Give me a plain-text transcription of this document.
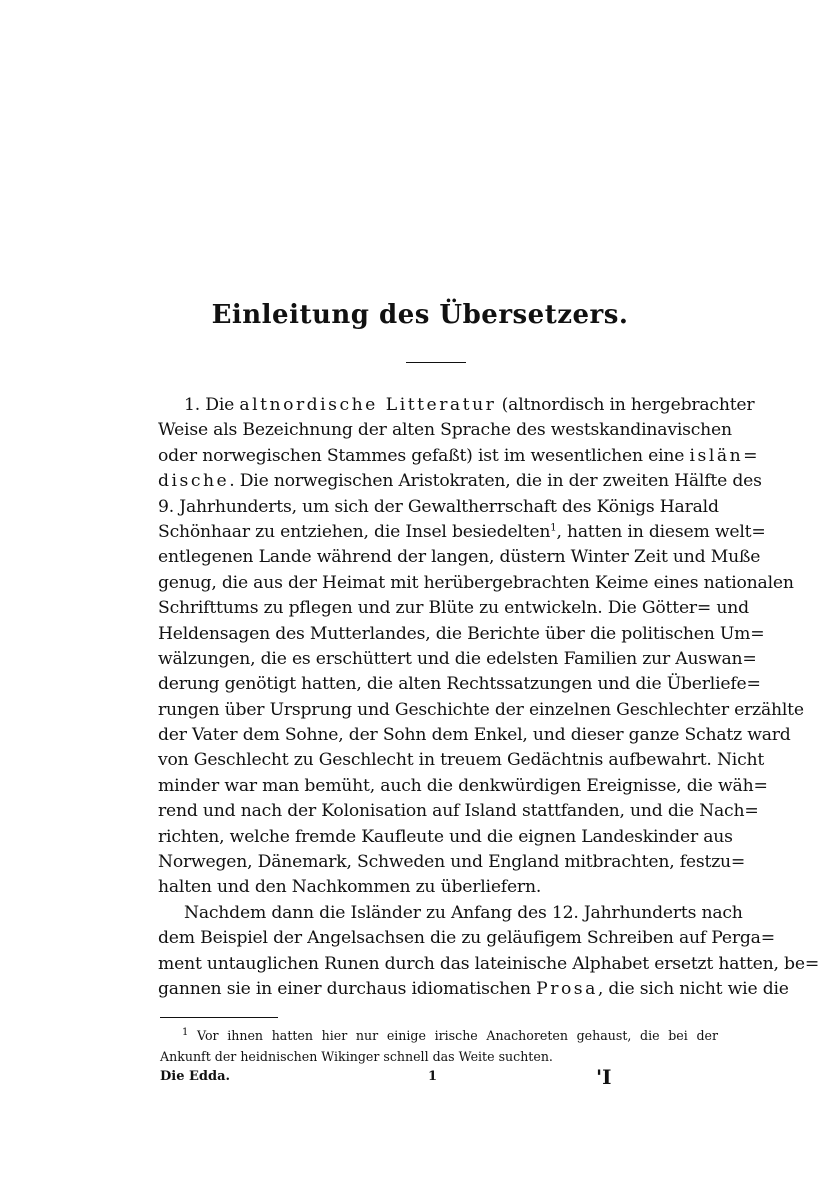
Einleitung des Übersetzers.
1. Die altnordische Litteratur (altnordisch in hergebrachter
Weise als Bezeichnung der alten Sprache des westskandinavischen
oder norwegischen Stammes gefaßt) ist im wesentlichen eine islän=
dische. Die norwegischen Aristokraten, die in der zweiten Hälfte des
9. Jahrhunderts, um sich der Gewaltherrschaft des Königs Harald
Schönhaar zu entziehen, die Insel besiedelten$^1$, hatten in diesem welt=
entlegenen Lande während der langen, düstern Winter Zeit und Muße
genug, die aus der Heimat mit herübergebrachten Keime eines nationalen
Schrifttums zu pflegen und zur Blüte zu entwickeln. Die Götter= und
Heldensagen des Mutterlandes, die Berichte über die politischen Um=
wälzungen, die es erschüttert und die edelsten Familien zur Auswan=
derung genötigt hatten, die alten Rechtssatzungen und die Überliefe=
rungen über Ursprung und Geschichte der einzelnen Geschlechter erzählte
der Vater dem Sohne, der Sohn dem Enkel, und dieser ganze Schatz ward
von Geschlecht zu Geschlecht in treuem Gedächtnis aufbewahrt. Nicht
minder war man bemüht, auch die denkwürdigen Ereignisse, die wäh=
rend und nach der Kolonisation auf Island stattfanden, und die Nach=
richten, welche fremde Kaufleute und die eignen Landeskinder aus
Norwegen, Dänemark, Schweden und England mitbrachten, festzu=
halten und den Nachkommen zu überliefern.
Nachdem dann die Isländer zu Anfang des 12. Jahrhunderts nach
dem Beispiel der Angelsachsen die zu geläufigem Schreiben auf Perga=
ment untauglichen Runen durch das lateinische Alphabet ersetzt hatten, be=
gannen sie in einer durchaus idiomatischen Prosa, die sich nicht wie die
$^1$ Vor ihnen hatten hier nur einige irische Anachoreten gehaust, die bei der
Ankunft der heidnischen Wikinger schnell das Weite suchten.
Die Edda.	1	'I
